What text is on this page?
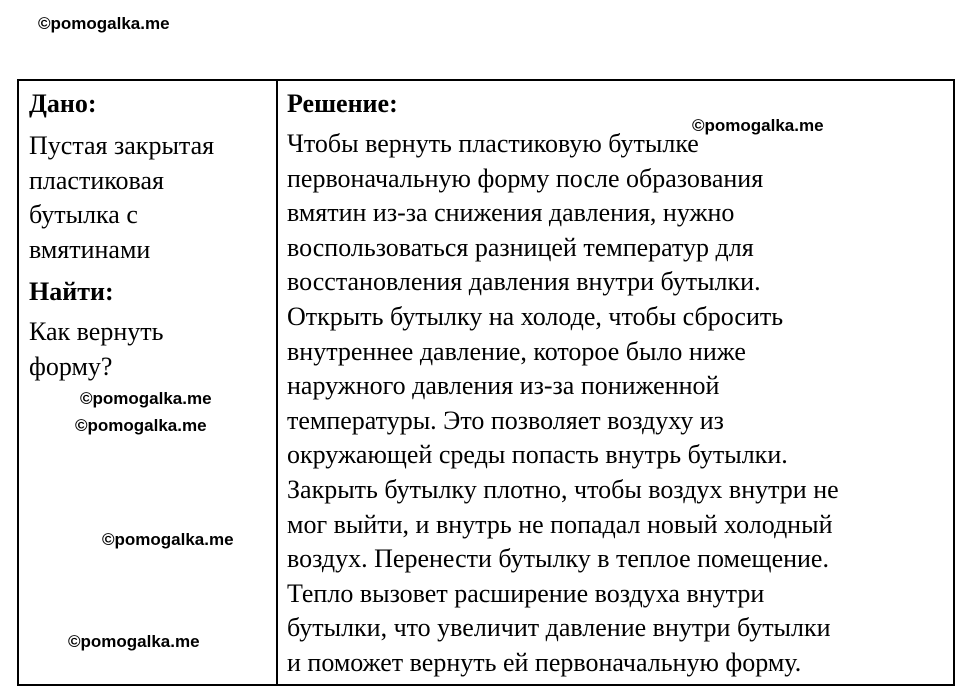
©pomogalka.me
©pomogalka.me
©pomogalka.me
©pomogalka.me
©pomogalka.me
©pomogalka.me

Дано:

Пустая закрытая

пластиковая

бутылка с

вмятинами

Найти:

Как вернуть

форму?

Решение:

Чтобы вернуть пластиковую бутылке
первоначальную форму после образования
вмятин из-за снижения давления, нужно
воспользоваться разницей температур для
восстановления давления внутри бутылки.
Открыть бутылку на холоде, чтобы сбросить
внутреннее давление, которое было ниже
наружного давления из-за пониженной
температуры. Это позволяет воздуху из
окружающей среды попасть внутрь бутылки.
Закрыть бутылку плотно, чтобы воздух внутри не
мог выйти, и внутрь не попадал новый холодный
воздух. Перенести бутылку в теплое помещение.
Тепло вызовет расширение воздуха внутри
бутылки, что увеличит давление внутри бутылки
и поможет вернуть ей первоначальную форму.
